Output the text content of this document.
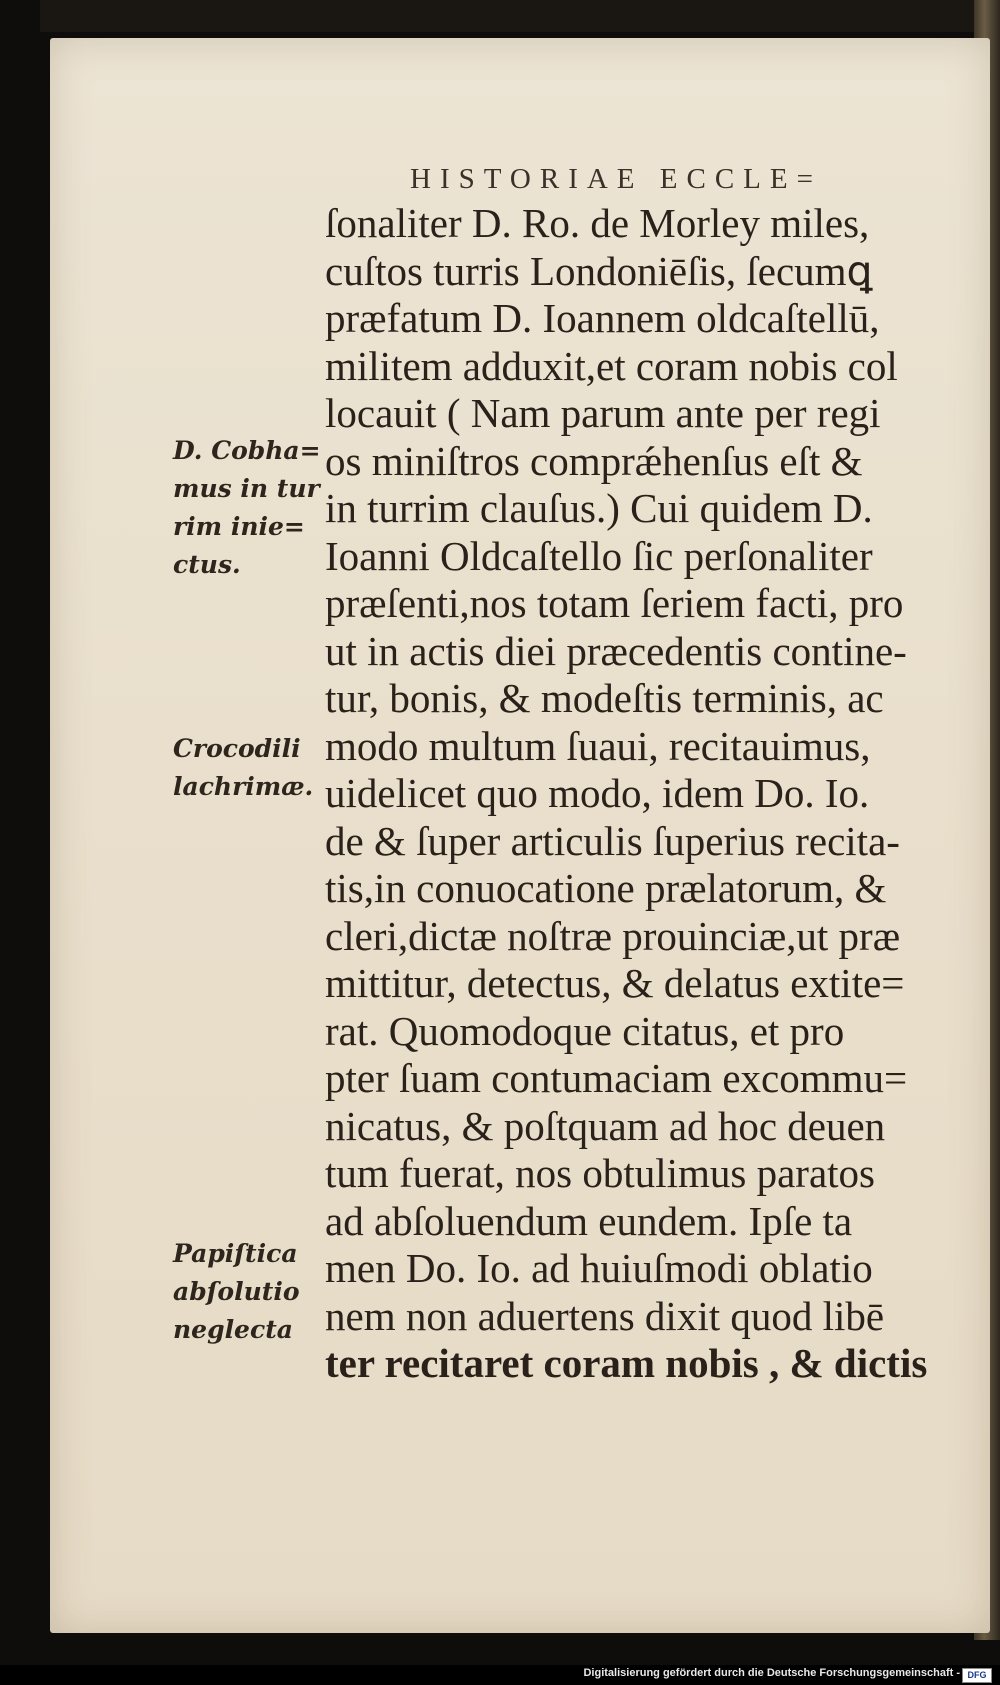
HISTORIAE ECCLE=
ſonaliter D. Ro. de Morley miles,
cuſtos turris Londoniēſis, ſecumꝗ
præfatum D. Ioannem oldcaſtellū,
militem adduxit,et coram nobis col
locauit ( Nam parum ante per regi
os miniſtros comprǽhenſus eſt &
in turrim clauſus.) Cui quidem D.
Ioanni Oldcaſtello ſic perſonaliter
præſenti,nos totam ſeriem facti, pro
ut in actis diei præcedentis contine-
tur, bonis, & modeſtis terminis, ac
modo multum ſuaui, recitauimus,
uidelicet quo modo, idem Do. Io.
de & ſuper articulis ſuperius recita-
tis,in conuocatione prælatorum, &
cleri,dictæ noſtræ prouinciæ,ut præ
mittitur, detectus, & delatus extite=
rat. Quomodoque citatus, et pro
pter ſuam contumaciam excommu=
nicatus, & poſtquam ad hoc deuen
tum fuerat, nos obtulimus paratos
ad abſoluendum eundem. Ipſe ta
men Do. Io. ad huiuſmodi oblatio
nem non aduertens dixit quod libē
ter recitaret coram nobis , & dictis
D. Cobha=
mus in tur
rim inie=
ctus.
Crocodili
lachrimæ.
Papiſtica
abſolutio
neglecta
Digitalisierung gefördert durch die Deutsche Forschungsgemeinschaft - DFG
